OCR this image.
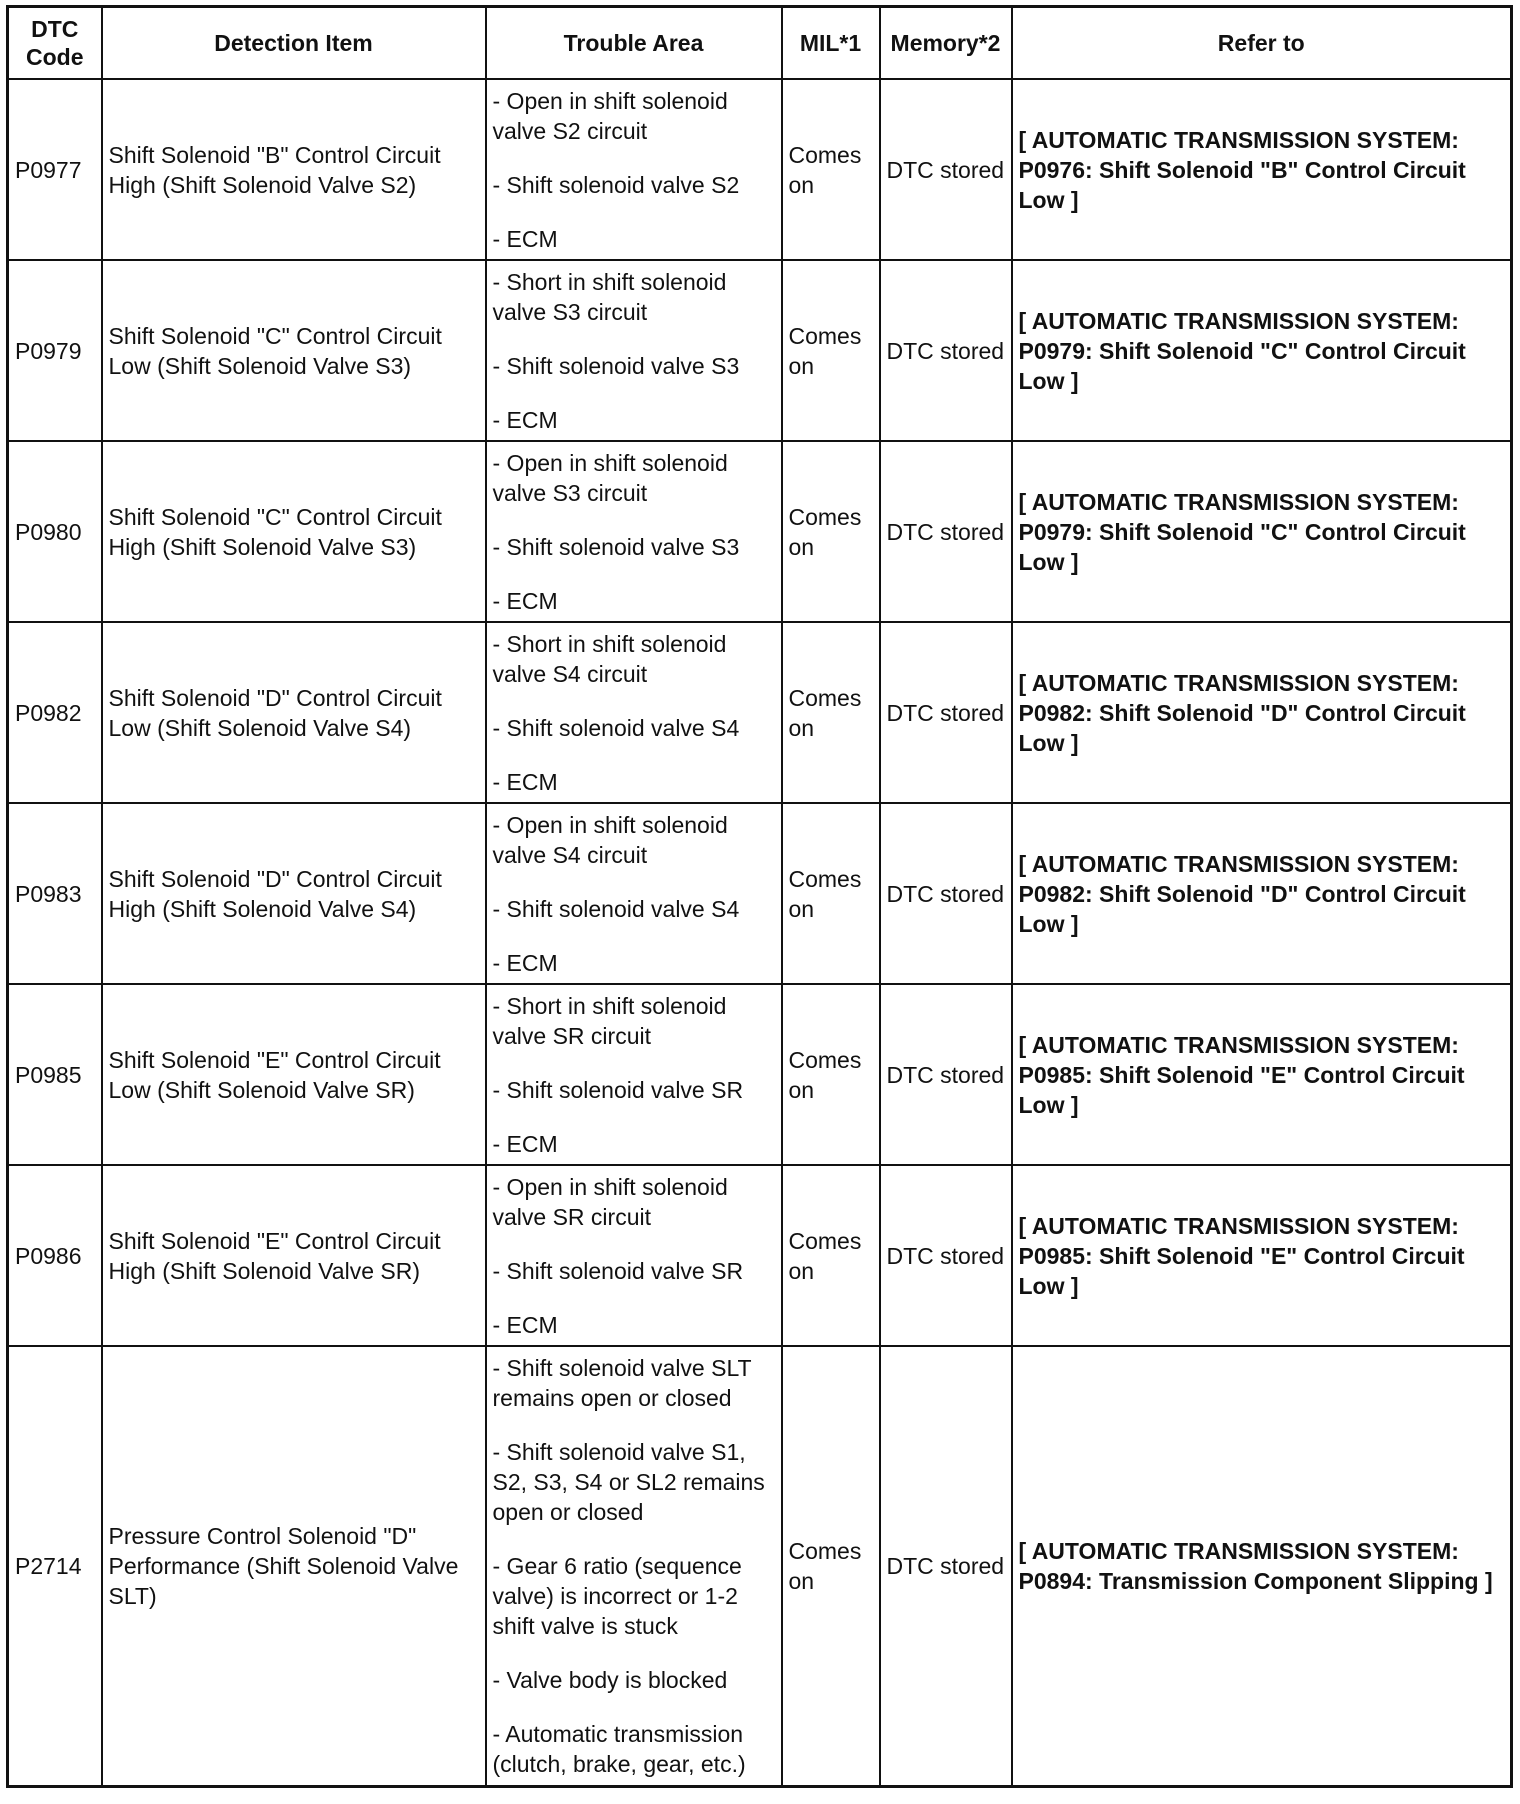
DTC Code	Detection Item	Trouble Area	MIL*1	Memory*2	Refer to
P0977	Shift Solenoid "B" Control Circuit High (Shift Solenoid Valve S2)	- Open in shift solenoid valve S2 circuit
- Shift solenoid valve S2
- ECM	Comes on	DTC stored	[ AUTOMATIC TRANSMISSION SYSTEM: P0976: Shift Solenoid "B" Control Circuit Low ]
P0979	Shift Solenoid "C" Control Circuit Low (Shift Solenoid Valve S3)	- Short in shift solenoid valve S3 circuit
- Shift solenoid valve S3
- ECM	Comes on	DTC stored	[ AUTOMATIC TRANSMISSION SYSTEM: P0979: Shift Solenoid "C" Control Circuit Low ]
P0980	Shift Solenoid "C" Control Circuit High (Shift Solenoid Valve S3)	- Open in shift solenoid valve S3 circuit
- Shift solenoid valve S3
- ECM	Comes on	DTC stored	[ AUTOMATIC TRANSMISSION SYSTEM: P0979: Shift Solenoid "C" Control Circuit Low ]
P0982	Shift Solenoid "D" Control Circuit Low (Shift Solenoid Valve S4)	- Short in shift solenoid valve S4 circuit
- Shift solenoid valve S4
- ECM	Comes on	DTC stored	[ AUTOMATIC TRANSMISSION SYSTEM: P0982: Shift Solenoid "D" Control Circuit Low ]
P0983	Shift Solenoid "D" Control Circuit High (Shift Solenoid Valve S4)	- Open in shift solenoid valve S4 circuit
- Shift solenoid valve S4
- ECM	Comes on	DTC stored	[ AUTOMATIC TRANSMISSION SYSTEM: P0982: Shift Solenoid "D" Control Circuit Low ]
P0985	Shift Solenoid "E" Control Circuit Low (Shift Solenoid Valve SR)	- Short in shift solenoid valve SR circuit
- Shift solenoid valve SR
- ECM	Comes on	DTC stored	[ AUTOMATIC TRANSMISSION SYSTEM: P0985: Shift Solenoid "E" Control Circuit Low ]
P0986	Shift Solenoid "E" Control Circuit High (Shift Solenoid Valve SR)	- Open in shift solenoid valve SR circuit
- Shift solenoid valve SR
- ECM	Comes on	DTC stored	[ AUTOMATIC TRANSMISSION SYSTEM: P0985: Shift Solenoid "E" Control Circuit Low ]
P2714	Pressure Control Solenoid "D" Performance (Shift Solenoid Valve SLT)	- Shift solenoid valve SLT remains open or closed
- Shift solenoid valve S1, S2, S3, S4 or SL2 remains open or closed
- Gear 6 ratio (sequence valve) is incorrect or 1-2 shift valve is stuck
- Valve body is blocked
- Automatic transmission (clutch, brake, gear, etc.)	Comes on	DTC stored	[ AUTOMATIC TRANSMISSION SYSTEM: P0894: Transmission Component Slipping ]
